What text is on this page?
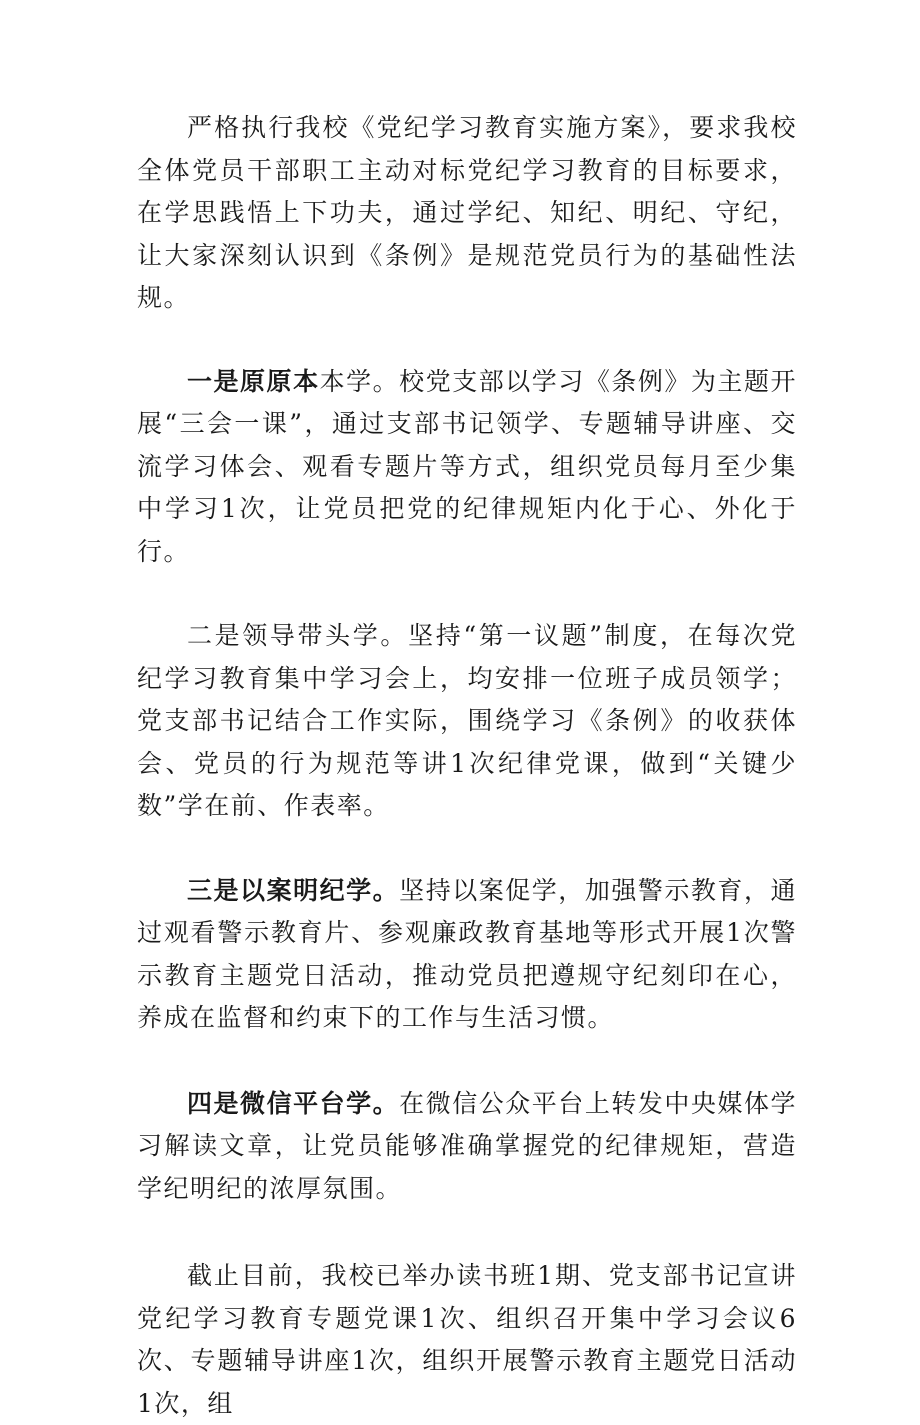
严格执行我校《党纪学习教育实施方案》，要求我校全体党员干部职工主动对标党纪学习教育的目标要求，在学思践悟上下功夫，通过学纪、知纪、明纪、守纪，让大家深刻认识到《条例》是规范党员行为的基础性法规。

一是原原本本学。校党支部以学习《条例》为主题开展“三会一课”，通过支部书记领学、专题辅导讲座、交流学习体会、观看专题片等方式，组织党员每月至少集中学习1次，让党员把党的纪律规矩内化于心、外化于行。

二是领导带头学。坚持“第一议题”制度，在每次党纪学习教育集中学习会上，均安排一位班子成员领学；党支部书记结合工作实际，围绕学习《条例》的收获体会、党员的行为规范等讲1次纪律党课，做到“关键少数”学在前、作表率。

三是以案明纪学。坚持以案促学，加强警示教育，通过观看警示教育片、参观廉政教育基地等形式开展1次警示教育主题党日活动，推动党员把遵规守纪刻印在心，养成在监督和约束下的工作与生活习惯。

四是微信平台学。在微信公众平台上转发中央媒体学习解读文章，让党员能够准确掌握党的纪律规矩，营造学纪明纪的浓厚氛围。

截止目前，我校已举办读书班1期、党支部书记宣讲党纪学习教育专题党课1次、组织召开集中学习会议6次、专题辅导讲座1次，组织开展警示教育主题党日活动1次，组
